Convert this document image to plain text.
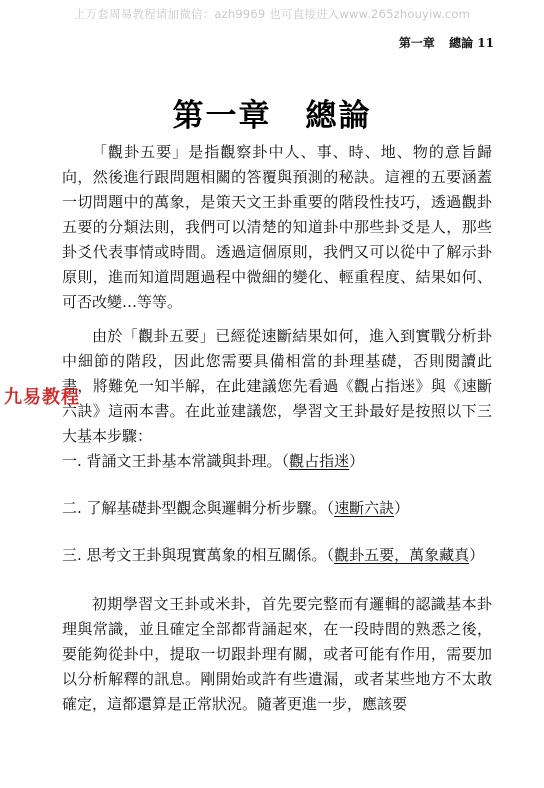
上万套周易教程请加微信：azh9969 也可直接进入www.265zhouyiw.com
第一章 總論 11
第一章 總論

「觀卦五要」是指觀察卦中人、事、時、地、物的意旨歸向，然後進行跟問題相關的答覆與預測的秘訣。這裡的五要涵蓋一切問題中的萬象，是策天文王卦重要的階段性技巧，透過觀卦五要的分類法則，我們可以清楚的知道卦中那些卦爻是人，那些卦爻代表事情或時間。透過這個原則，我們又可以從中了解示卦原則，進而知道問題過程中微細的變化、輕重程度、結果如何、可否改變…等等。

由於「觀卦五要」已經從速斷結果如何，進入到實戰分析卦中細節的階段，因此您需要具備相當的卦理基礎，否則閱讀此書，將難免一知半解，在此建議您先看過《觀占指迷》與《速斷六訣》這兩本書。在此並建議您，學習文王卦最好是按照以下三大基本步驟：

九易教程

一. 背誦文王卦基本常識與卦理。（觀占指迷）

二. 了解基礎卦型觀念與邏輯分析步驟。（速斷六訣）

三. 思考文王卦與現實萬象的相互關係。（觀卦五要，萬象藏真）

初期學習文王卦或米卦，首先要完整而有邏輯的認識基本卦理與常識，並且確定全部都背誦起來，在一段時間的熟悉之後，要能夠從卦中，提取一切跟卦理有關，或者可能有作用，需要加以分析解釋的訊息。剛開始或許有些遺漏，或者某些地方不太敢確定，這都還算是正常狀況。隨著更進一步，應該要
